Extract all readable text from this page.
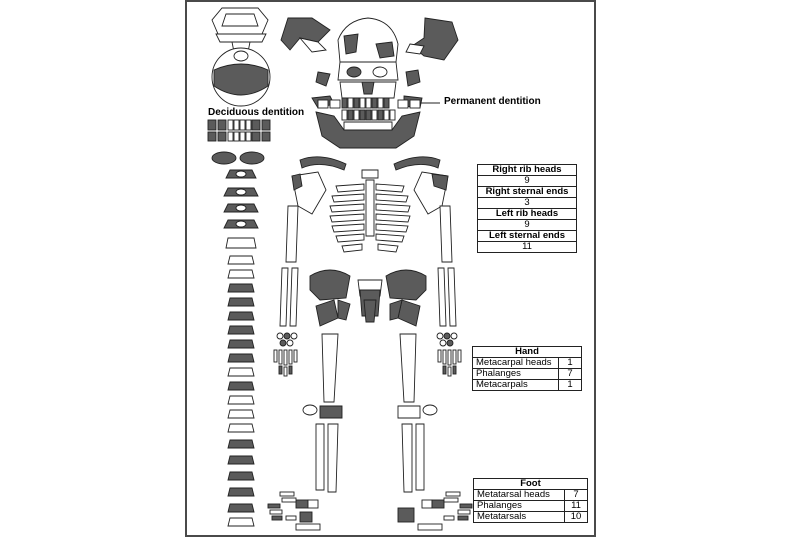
Deciduous dentition
Permanent dentition
Right rib heads
9
Right sternal ends
3
Left rib heads
9
Left sternal ends
11
Hand	
Metacarpal heads	1
Phalanges	7
Metacarpals	1
Foot	
Metatarsal heads	7
Phalanges	11
Metatarsals	10
